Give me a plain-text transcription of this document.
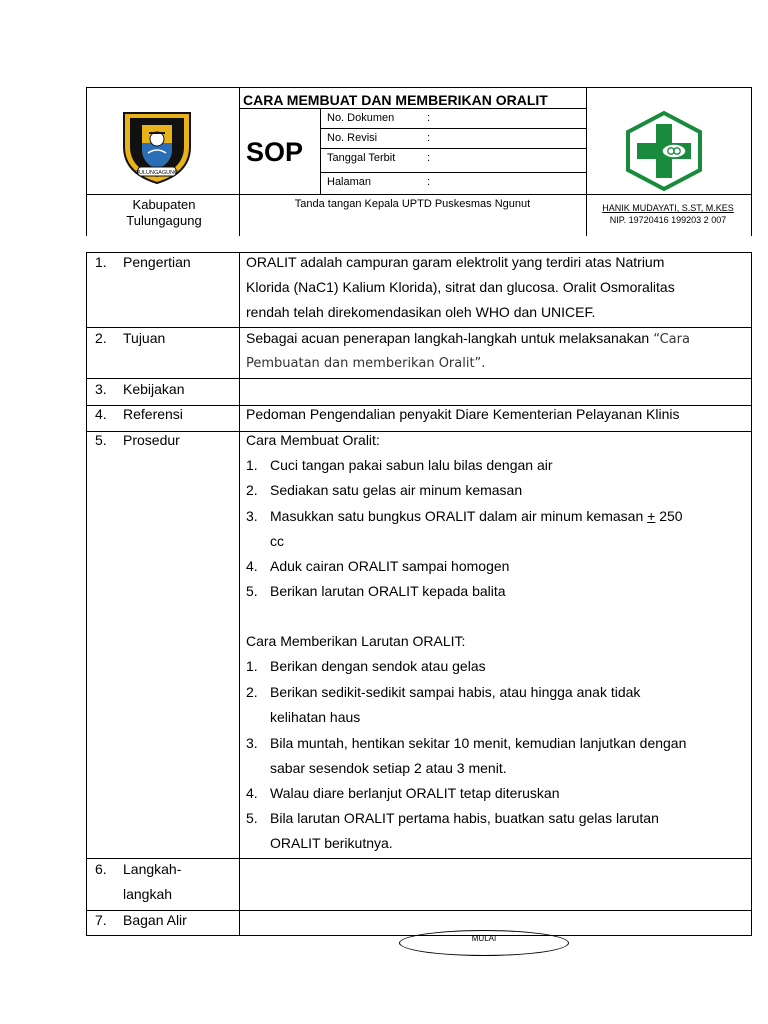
TULUNGAGUNG
CARA MEMBUAT DAN MEMBERIKAN ORALIT
SOP
No. Dokumen	:
No. Revisi	:
Tanggal Terbit	:
Halaman	:
Kabupaten
Tulungagung
Tanda tangan Kepala UPTD Puskesmas Ngunut	HANIK MUDAYATI, S.ST, M.KES
NIP. 19720416 199203 2 007
1. Pengertian	ORALIT adalah campuran garam elektrolit yang terdiri atas Natrium
Klorida (NaC1) Kalium Klorida), sitrat dan glucosa. Oralit Osmoralitas
rendah telah direkomendasikan oleh WHO dan UNICEF.
2. Tujuan	Sebagai acuan penerapan langkah-langkah untuk melaksanakan “Cara
Pembuatan dan memberikan Oralit”.
3. Kebijakan
4. Referensi	Pedoman Pengendalian penyakit Diare Kementerian Pelayanan Klinis
5. Prosedur	Cara Membuat Oralit:
1. Cuci tangan pakai sabun lalu bilas dengan air
2. Sediakan satu gelas air minum kemasan
3. Masukkan satu bungkus ORALIT dalam air minum kemasan + 250
cc
4. Aduk cairan ORALIT sampai homogen
5. Berikan larutan ORALIT kepada balita
Cara Memberikan Larutan ORALIT:
1. Berikan dengan sendok atau gelas
2. Berikan sedikit-sedikit sampai habis, atau hingga anak tidak
kelihatan haus
3. Bila muntah, hentikan sekitar 10 menit, kemudian lanjutkan dengan
sabar sesendok setiap 2 atau 3 menit.
4. Walau diare berlanjut ORALIT tetap diteruskan
5. Bila larutan ORALIT pertama habis, buatkan satu gelas larutan
ORALIT berikutnya.
6. Langkah-
langkah
7. Bagan Alir
MULAI
